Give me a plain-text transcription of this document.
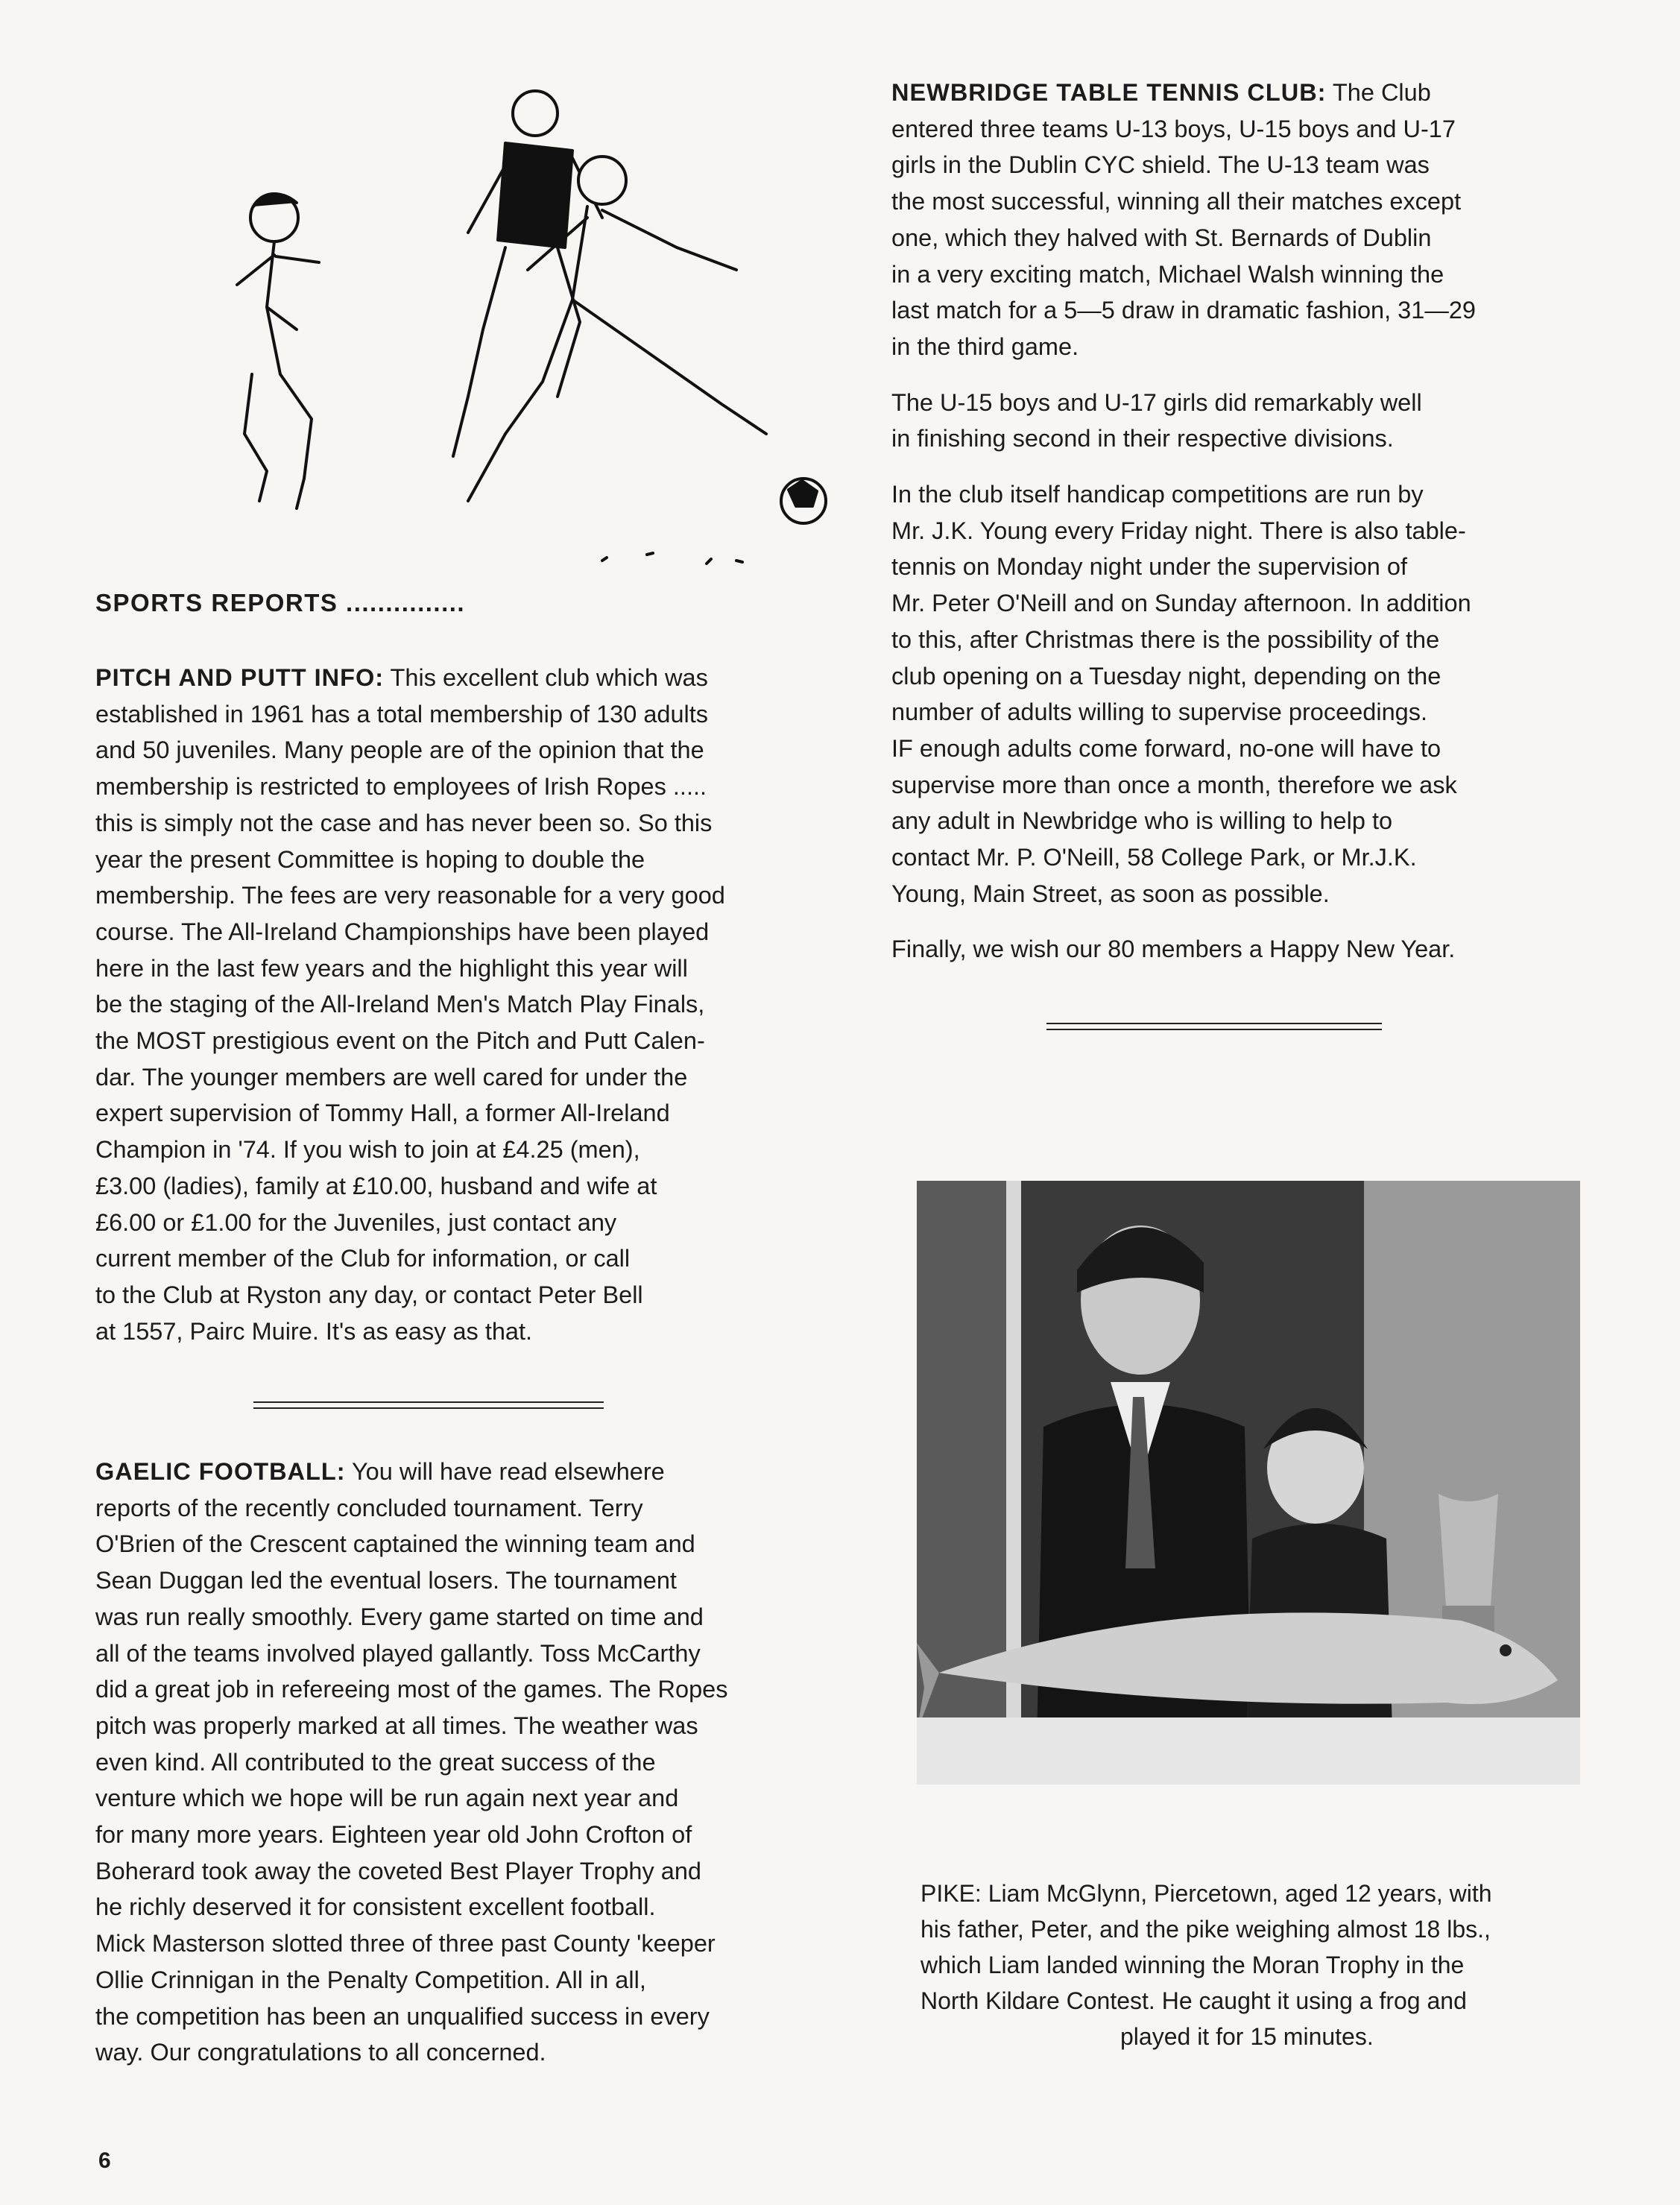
SPORTS REPORTS ...............

PITCH AND PUTT INFO: This excellent club which was

established in 1961 has a total membership of 130 adults

and 50 juveniles. Many people are of the opinion that the

membership is restricted to employees of Irish Ropes .....

this is simply not the case and has never been so. So this

year the present Committee is hoping to double the

membership. The fees are very reasonable for a very good

course. The All-Ireland Championships have been played

here in the last few years and the highlight this year will

be the staging of the All-Ireland Men's Match Play Finals,

the MOST prestigious event on the Pitch and Putt Calen-

dar. The younger members are well cared for under the

expert supervision of Tommy Hall, a former All-Ireland

Champion in '74. If you wish to join at £4.25 (men),

£3.00 (ladies), family at £10.00, husband and wife at

£6.00 or £1.00 for the Juveniles, just contact any

current member of the Club for information, or call

to the Club at Ryston any day, or contact Peter Bell

at 1557, Pairc Muire. It's as easy as that.

GAELIC FOOTBALL: You will have read elsewhere

reports of the recently concluded tournament. Terry

O'Brien of the Crescent captained the winning team and

Sean Duggan led the eventual losers. The tournament

was run really smoothly. Every game started on time and

all of the teams involved played gallantly. Toss McCarthy

did a great job in refereeing most of the games. The Ropes

pitch was properly marked at all times. The weather was

even kind. All contributed to the great success of the

venture which we hope will be run again next year and

for many more years. Eighteen year old John Crofton of

Boherard took away the coveted Best Player Trophy and

he richly deserved it for consistent excellent football.

Mick Masterson slotted three of three past County 'keeper

Ollie Crinnigan in the Penalty Competition. All in all,

the competition has been an unqualified success in every

way. Our congratulations to all concerned.

NEWBRIDGE TABLE TENNIS CLUB: The Club

entered three teams U-13 boys, U-15 boys and U-17

girls in the Dublin CYC shield. The U-13 team was

the most successful, winning all their matches except

one, which they halved with St. Bernards of Dublin

in a very exciting match, Michael Walsh winning the

last match for a 5—5 draw in dramatic fashion, 31—29

in the third game.

The U-15 boys and U-17 girls did remarkably well

in finishing second in their respective divisions.

In the club itself handicap competitions are run by

Mr. J.K. Young every Friday night. There is also table-

tennis on Monday night under the supervision of

Mr. Peter O'Neill and on Sunday afternoon. In addition

to this, after Christmas there is the possibility of the

club opening on a Tuesday night, depending on the

number of adults willing to supervise proceedings.

IF enough adults come forward, no-one will have to

supervise more than once a month, therefore we ask

any adult in Newbridge who is willing to help to

contact Mr. P. O'Neill, 58 College Park, or Mr.J.K.

Young, Main Street, as soon as possible.

Finally, we wish our 80 members a Happy New Year.

PIKE: Liam McGlynn, Piercetown, aged 12 years, with

his father, Peter, and the pike weighing almost 18 lbs.,

which Liam landed winning the Moran Trophy in the

North Kildare Contest. He caught it using a frog and

played it for 15 minutes.

6
